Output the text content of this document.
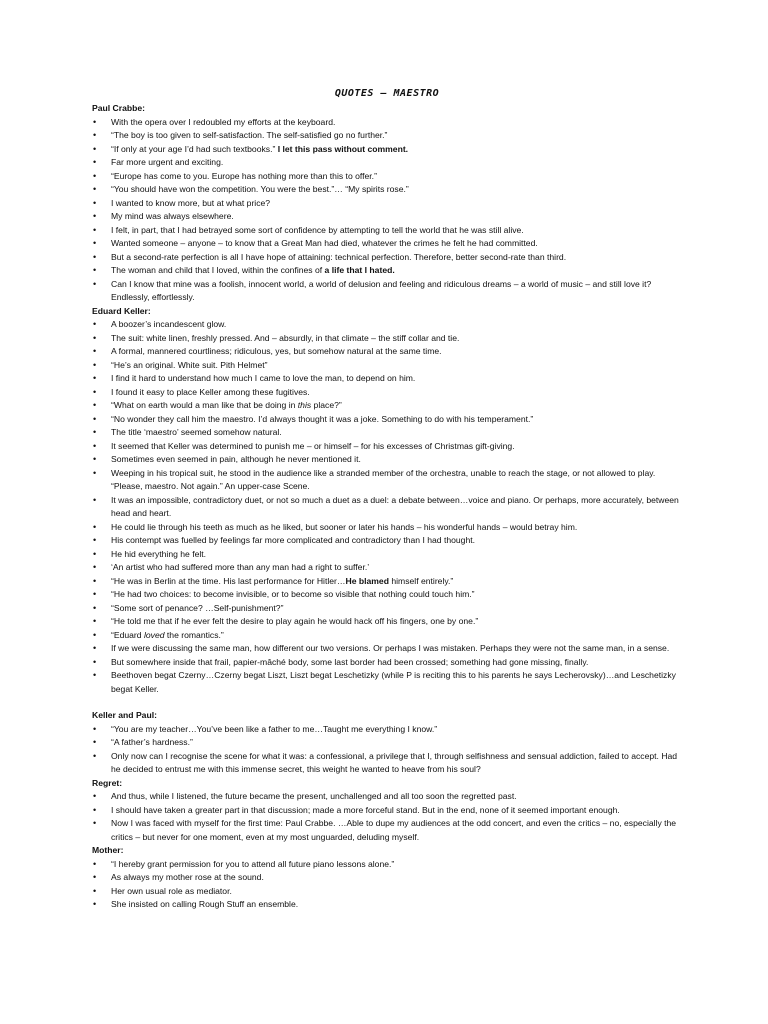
QUOTES – MAESTRO
Paul Crabbe:
• With the opera over I redoubled my efforts at the keyboard.
• “The boy is too given to self-satisfaction. The self-satisfied go no further.”
• “If only at your age I’d had such textbooks.” I let this pass without comment.
• Far more urgent and exciting.
• “Europe has come to you. Europe has nothing more than this to offer.”
• “You should have won the competition. You were the best.”… “My spirits rose.”
• I wanted to know more, but at what price?
• My mind was always elsewhere.
• I felt, in part, that I had betrayed some sort of confidence by attempting to tell the world that he was still alive.
• Wanted someone – anyone – to know that a Great Man had died, whatever the crimes he felt he had committed.
• But a second-rate perfection is all I have hope of attaining: technical perfection. Therefore, better second-rate than third.
• The woman and child that I loved, within the confines of a life that I hated.
• Can I know that mine was a foolish, innocent world, a world of delusion and feeling and ridiculous dreams – a world of music – and still love it? Endlessly, effortlessly.
Eduard Keller:
• A boozer’s incandescent glow.
• The suit: white linen, freshly pressed. And – absurdly, in that climate – the stiff collar and tie.
• A formal, mannered courtliness; ridiculous, yes, but somehow natural at the same time.
• “He’s an original. White suit. Pith Helmet”
• I find it hard to understand how much I came to love the man, to depend on him.
• I found it easy to place Keller among these fugitives.
• “What on earth would a man like that be doing in this place?”
• “No wonder they call him the maestro. I’d always thought it was a joke. Something to do with his temperament.”
• The title ‘maestro’ seemed somehow natural.
• It seemed that Keller was determined to punish me – or himself – for his excesses of Christmas gift-giving.
• Sometimes even seemed in pain, although he never mentioned it.
• Weeping in his tropical suit, he stood in the audience like a stranded member of the orchestra, unable to reach the stage, or not allowed to play. “Please, maestro. Not again.” An upper-case Scene.
• It was an impossible, contradictory duet, or not so much a duet as a duel: a debate between…voice and piano. Or perhaps, more accurately, between head and heart.
• He could lie through his teeth as much as he liked, but sooner or later his hands – his wonderful hands – would betray him.
• His contempt was fuelled by feelings far more complicated and contradictory than I had thought.
• He hid everything he felt.
• ‘An artist who had suffered more than any man had a right to suffer.’
• “He was in Berlin at the time. His last performance for Hitler…He blamed himself entirely.”
• “He had two choices: to become invisible, or to become so visible that nothing could touch him.”
• “Some sort of penance? …Self-punishment?”
• “He told me that if he ever felt the desire to play again he would hack off his fingers, one by one.”
• “Eduard loved the romantics.”
• If we were discussing the same man, how different our two versions. Or perhaps I was mistaken. Perhaps they were not the same man, in a sense.
• But somewhere inside that frail, papier-mâché body, some last border had been crossed; something had gone missing, finally.
• Beethoven begat Czerny…Czerny begat Liszt, Liszt begat Leschetizky (while P is reciting this to his parents he says Lecherovsky)…and Leschetizky begat Keller.
Keller and Paul:
• “You are my teacher…You’ve been like a father to me…Taught me everything I know.”
• “A father’s hardness.”
• Only now can I recognise the scene for what it was: a confessional, a privilege that I, through selfishness and sensual addiction, failed to accept. Had he decided to entrust me with this immense secret, this weight he wanted to heave from his soul?
Regret:
• And thus, while I listened, the future became the present, unchallenged and all too soon the regretted past.
• I should have taken a greater part in that discussion; made a more forceful stand. But in the end, none of it seemed important enough.
• Now I was faced with myself for the first time: Paul Crabbe. …Able to dupe my audiences at the odd concert, and even the critics – no, especially the critics – but never for one moment, even at my most unguarded, deluding myself.
Mother:
• “I hereby grant permission for you to attend all future piano lessons alone.”
• As always my mother rose at the sound.
• Her own usual role as mediator.
• She insisted on calling Rough Stuff an ensemble.
